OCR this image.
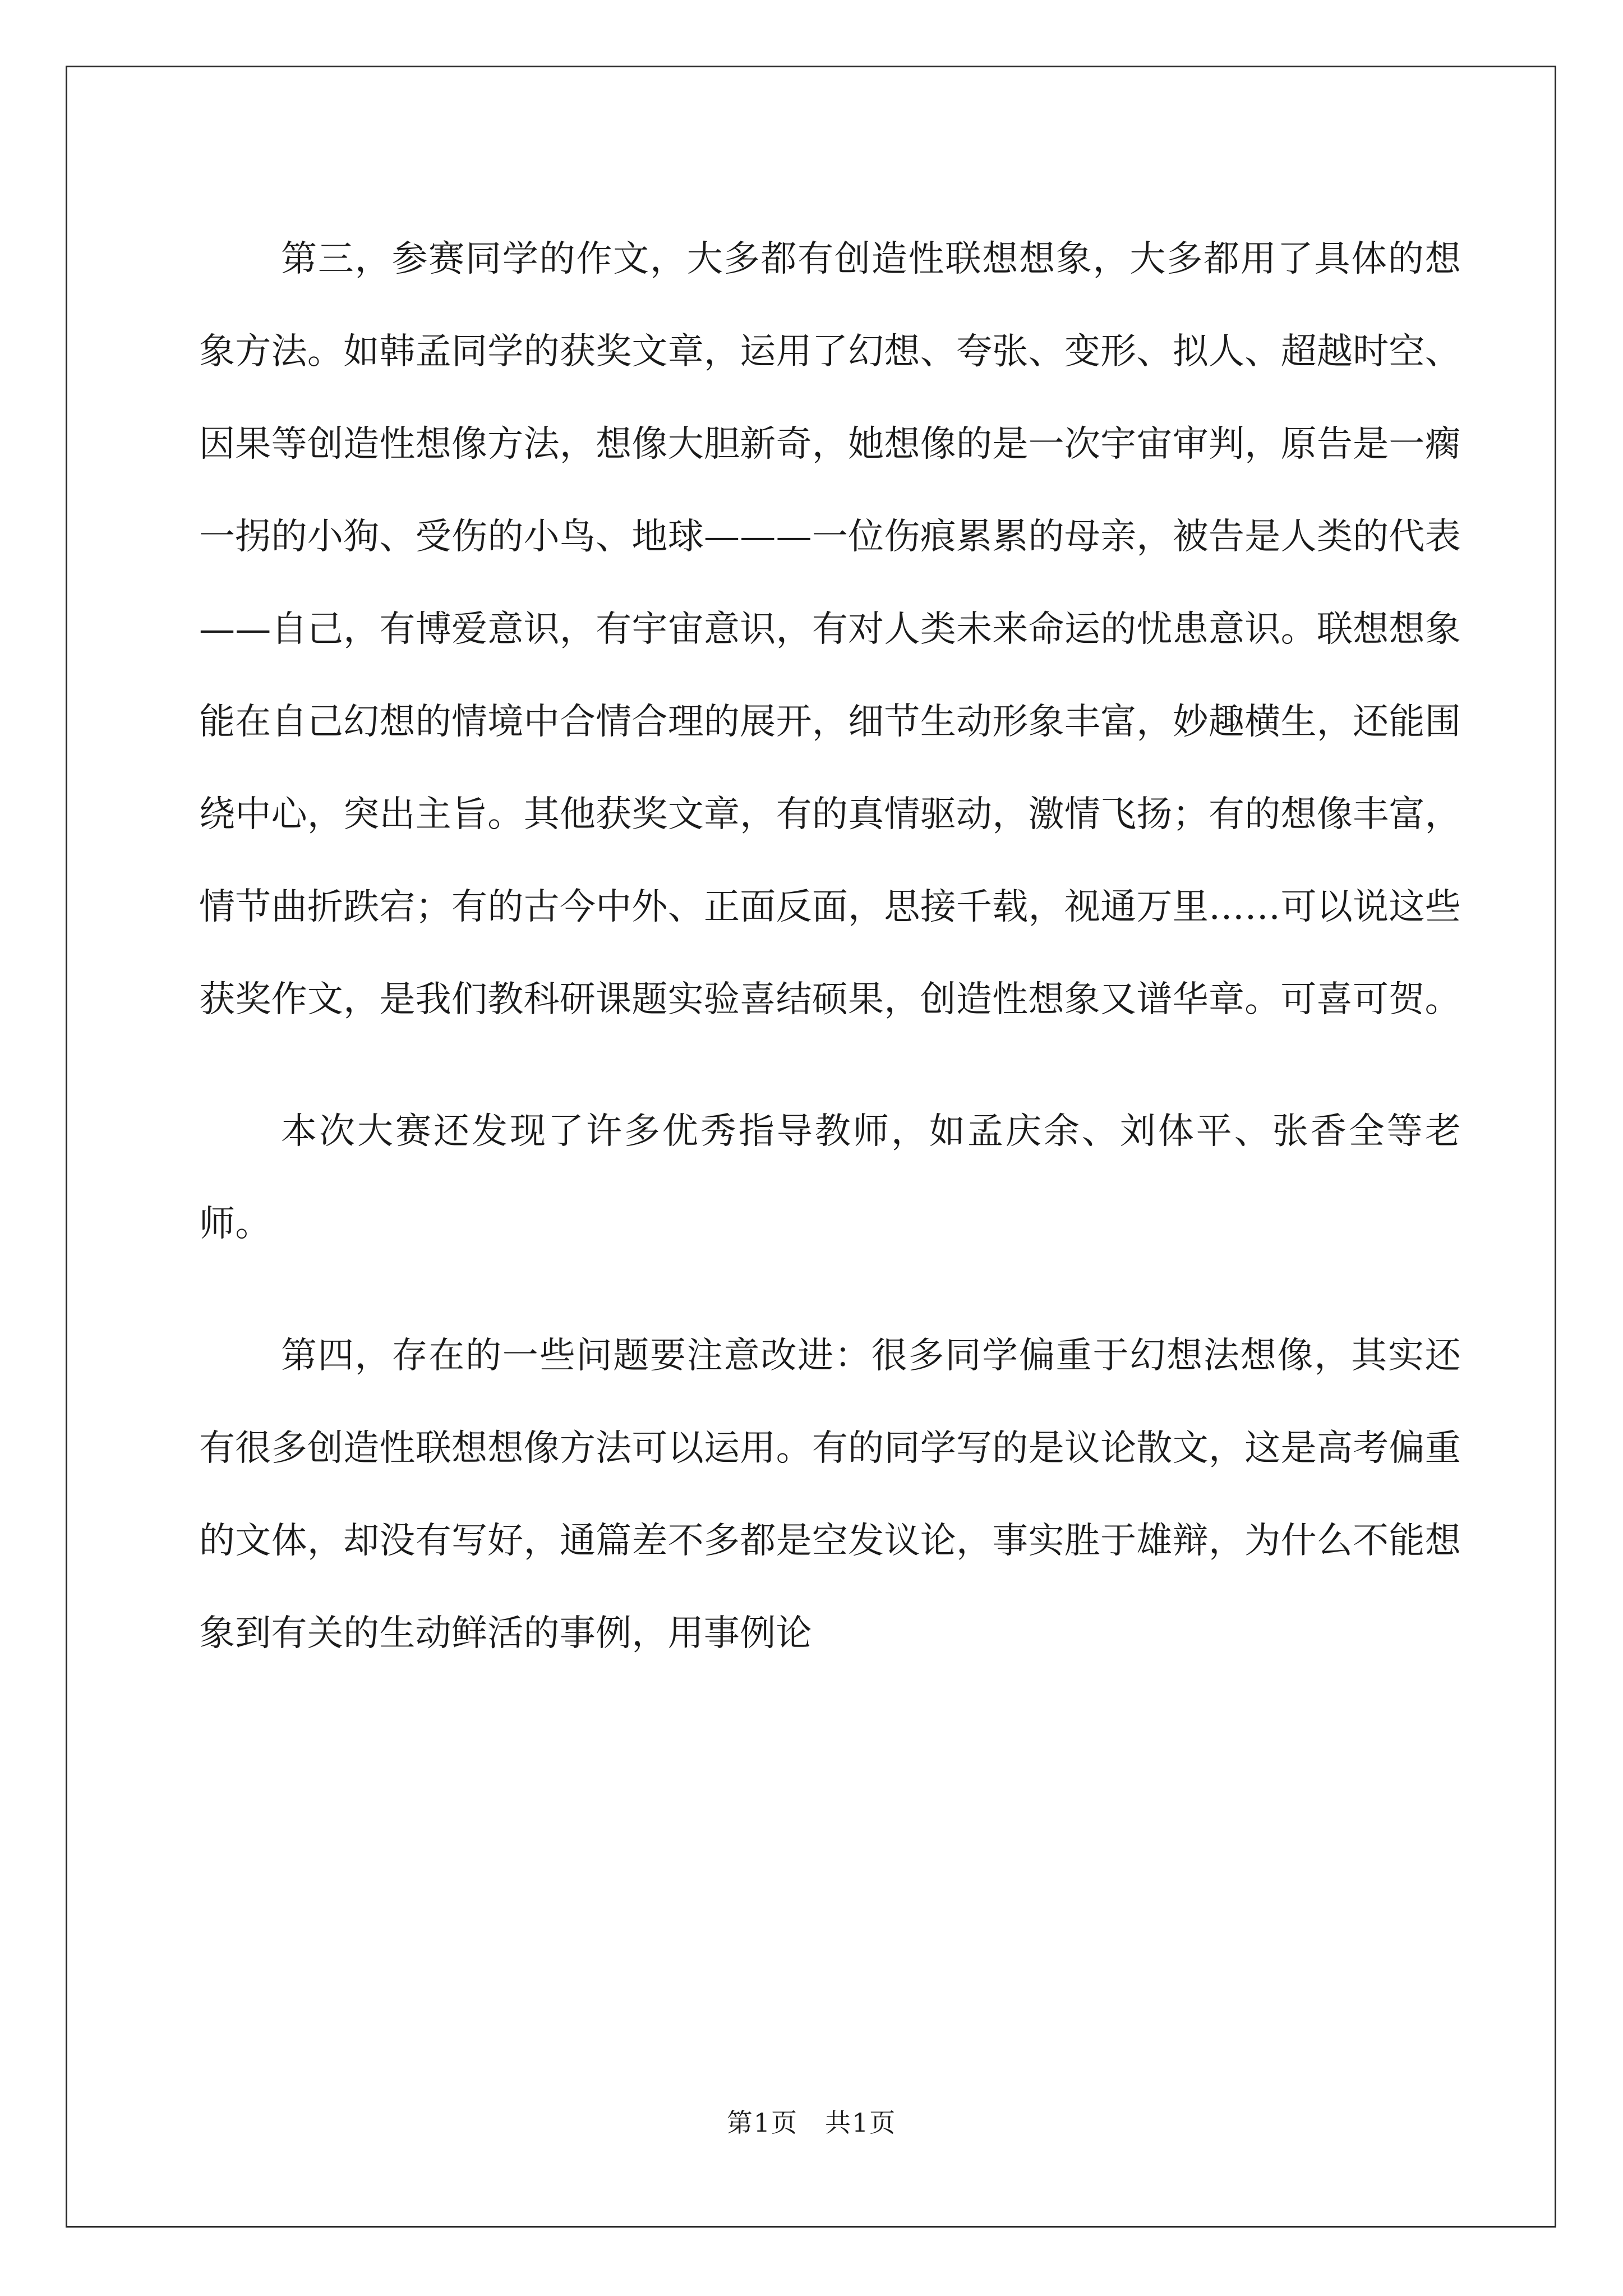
第三，参赛同学的作文，大多都有创造性联想想象，大多都用了具体的想象方法。如韩孟同学的获奖文章，运用了幻想、夸张、变形、拟人、超越时空、因果等创造性想像方法，想像大胆新奇，她想像的是一次宇宙审判，原告是一瘸一拐的小狗、受伤的小鸟、地球———一位伤痕累累的母亲，被告是人类的代表——自己，有博爱意识，有宇宙意识，有对人类未来命运的忧患意识。联想想象能在自己幻想的情境中合情合理的展开，细节生动形象丰富，妙趣横生，还能围绕中心，突出主旨。其他获奖文章，有的真情驱动，激情飞扬；有的想像丰富，情节曲折跌宕；有的古今中外、正面反面，思接千载，视通万里……可以说这些获奖作文，是我们教科研课题实验喜结硕果，创造性想象又谱华章。可喜可贺。

本次大赛还发现了许多优秀指导教师，如孟庆余、刘体平、张香全等老师。

第四，存在的一些问题要注意改进：很多同学偏重于幻想法想像，其实还有很多创造性联想想像方法可以运用。有的同学写的是议论散文，这是高考偏重的文体，却没有写好，通篇差不多都是空发议论，事实胜于雄辩，为什么不能想象到有关的生动鲜活的事例，用事例论

第1页　共1页
